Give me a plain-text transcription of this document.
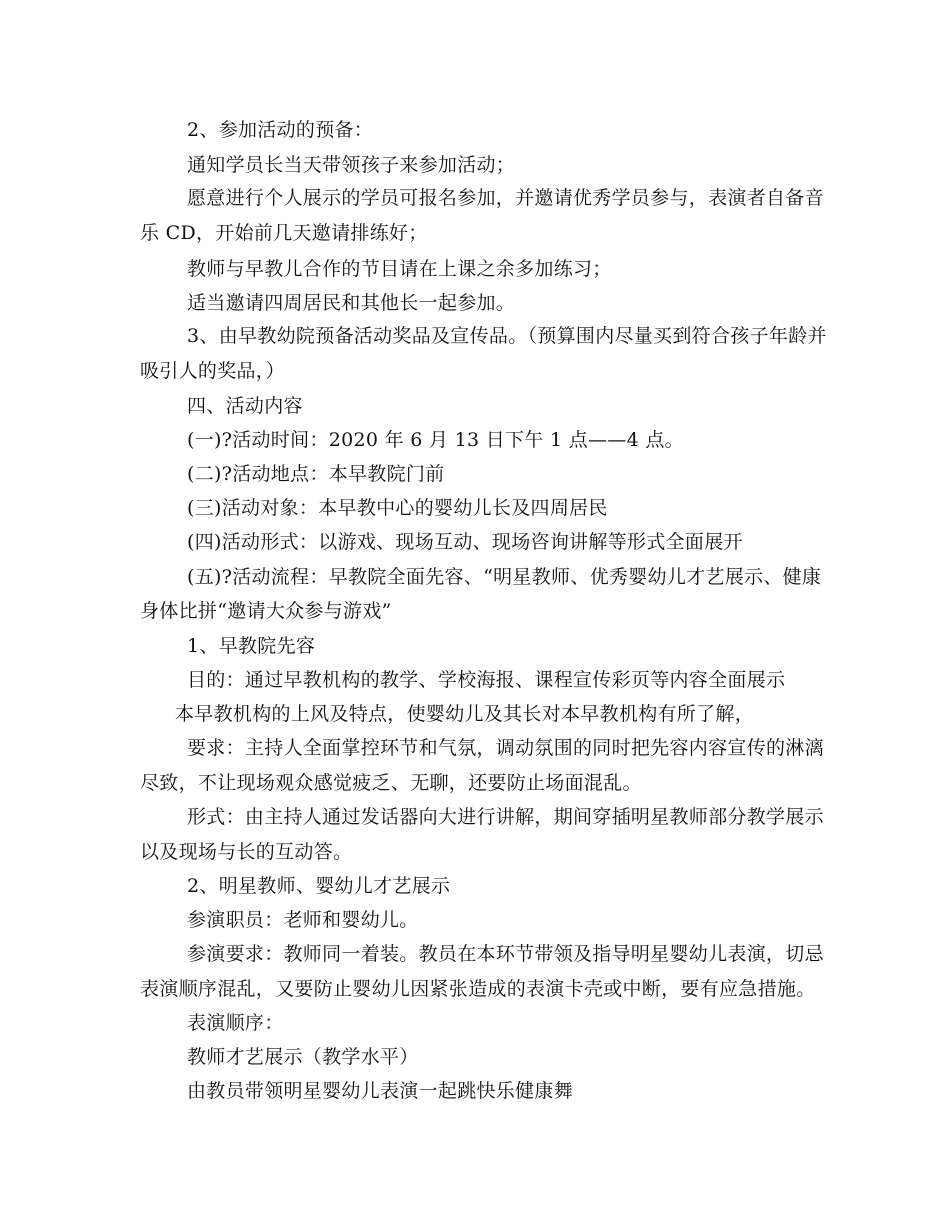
2、参加活动的预备：
通知学员长当天带领孩子来参加活动；
愿意进行个人展示的学员可报名参加，并邀请优秀学员参与，表演者自备音
乐 CD，开始前几天邀请排练好；
教师与早教儿合作的节目请在上课之余多加练习；
适当邀请四周居民和其他长一起参加。
3、由早教幼院预备活动奖品及宣传品。（预算围内尽量买到符合孩子年龄并
吸引人的奖品，）
四、活动内容
(一)?活动时间：2020 年 6 月 13 日下午 1 点——4 点。
(二)?活动地点：本早教院门前
(三)活动对象：本早教中心的婴幼儿长及四周居民
(四)活动形式：以游戏、现场互动、现场咨询讲解等形式全面展开
(五)?活动流程：早教院全面先容、“明星教师、优秀婴幼儿才艺展示、健康
身体比拼“邀请大众参与游戏”
1、早教院先容
目的：通过早教机构的教学、学校海报、课程宣传彩页等内容全面展示
本早教机构的上风及特点，使婴幼儿及其长对本早教机构有所了解，
要求：主持人全面掌控环节和气氛，调动氛围的同时把先容内容宣传的淋漓
尽致，不让现场观众感觉疲乏、无聊，还要防止场面混乱。
形式：由主持人通过发话器向大进行讲解，期间穿插明星教师部分教学展示
以及现场与长的互动答。
2、明星教师、婴幼儿才艺展示
参演职员：老师和婴幼儿。
参演要求：教师同一着装。教员在本环节带领及指导明星婴幼儿表演，切忌
表演顺序混乱，又要防止婴幼儿因紧张造成的表演卡壳或中断，要有应急措施。
表演顺序：
教师才艺展示（教学水平）
由教员带领明星婴幼儿表演一起跳快乐健康舞
